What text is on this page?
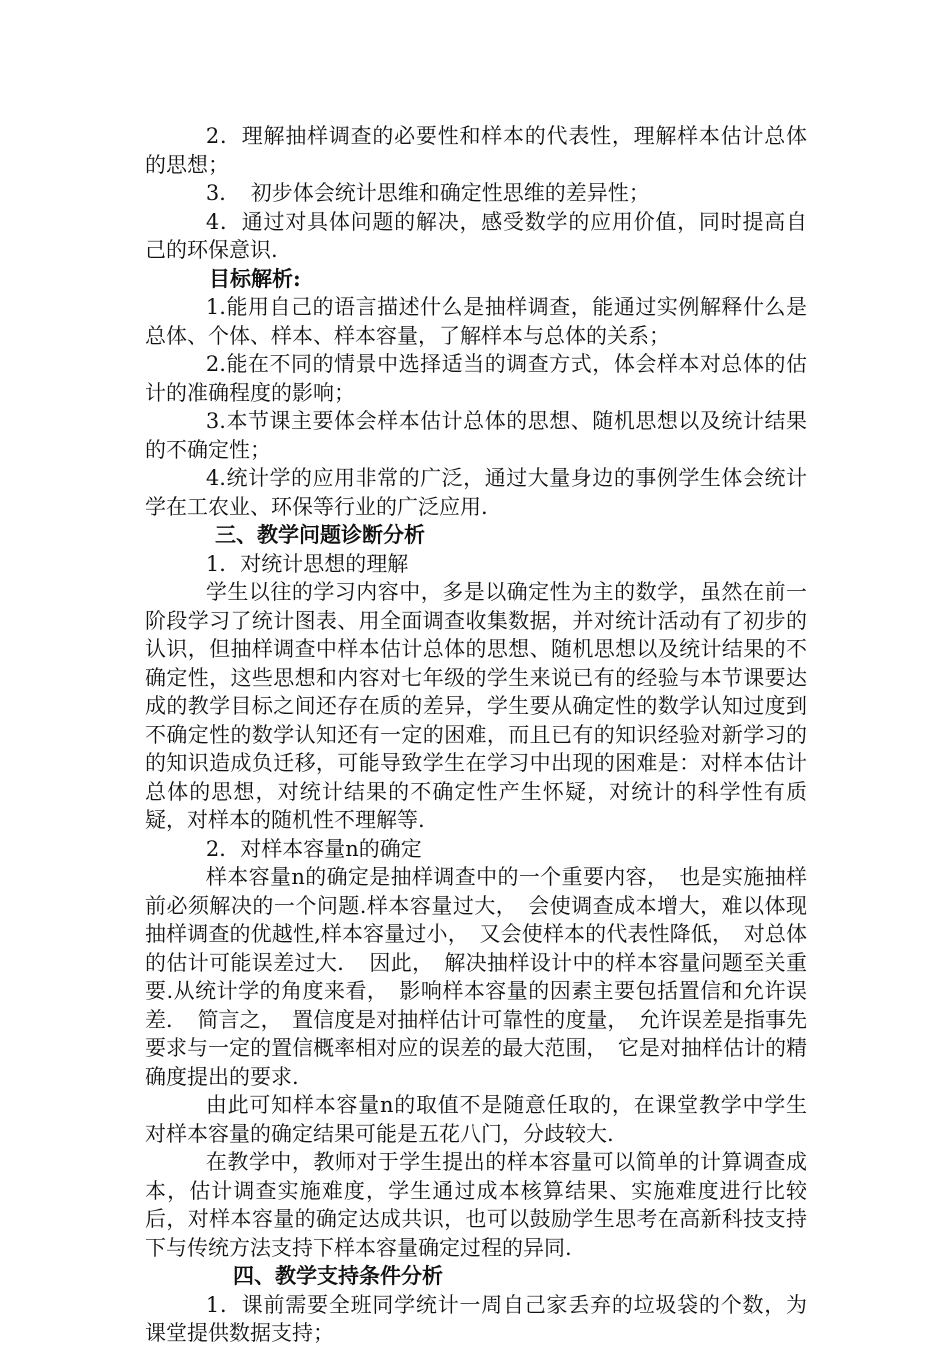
2．理解抽样调查的必要性和样本的代表性，理解样本估计总体的思想；

3．　初步体会统计思维和确定性思维的差异性；

4．通过对具体问题的解决，感受数学的应用价值，同时提高自己的环保意识.

目标解析:

1.能用自己的语言描述什么是抽样调查，能通过实例解释什么是总体、个体、样本、样本容量，了解样本与总体的关系；

2.能在不同的情景中选择适当的调查方式，体会样本对总体的估计的准确程度的影响；

3.本节课主要体会样本估计总体的思想、随机思想以及统计结果的不确定性；

4.统计学的应用非常的广泛，通过大量身边的事例学生体会统计学在工农业、环保等行业的广泛应用.

三、教学问题诊断分析

1．对统计思想的理解

学生以往的学习内容中，多是以确定性为主的数学，虽然在前一阶段学习了统计图表、用全面调查收集数据，并对统计活动有了初步的认识，但抽样调查中样本估计总体的思想、随机思想以及统计结果的不确定性，这些思想和内容对七年级的学生来说已有的经验与本节课要达成的教学目标之间还存在质的差异，学生要从确定性的数学认知过度到不确定性的数学认知还有一定的困难，而且已有的知识经验对新学习的的知识造成负迁移，可能导致学生在学习中出现的困难是：对样本估计总体的思想，对统计结果的不确定性产生怀疑，对统计的科学性有质疑，对样本的随机性不理解等.

2．对样本容量n的确定

样本容量n的确定是抽样调查中的一个重要内容，　也是实施抽样前必须解决的一个问题.样本容量过大，　会使调查成本增大，难以体现抽样调查的优越性,样本容量过小，　又会使样本的代表性降低，　对总体的估计可能误差过大．　因此，　解决抽样设计中的样本容量问题至关重要.从统计学的角度来看，　影响样本容量的因素主要包括置信和允许误差．　简言之，　置信度是对抽样估计可靠性的度量，　允许误差是指事先要求与一定的置信概率相对应的误差的最大范围，　它是对抽样估计的精确度提出的要求.

由此可知样本容量n的取值不是随意任取的，在课堂教学中学生对样本容量的确定结果可能是五花八门，分歧较大.

在教学中，教师对于学生提出的样本容量可以简单的计算调查成本，估计调查实施难度，学生通过成本核算结果、实施难度进行比较后，对样本容量的确定达成共识，也可以鼓励学生思考在高新科技支持下与传统方法支持下样本容量确定过程的异同.

四、教学支持条件分析

1．课前需要全班同学统计一周自己家丢弃的垃圾袋的个数，为课堂提供数据支持；
